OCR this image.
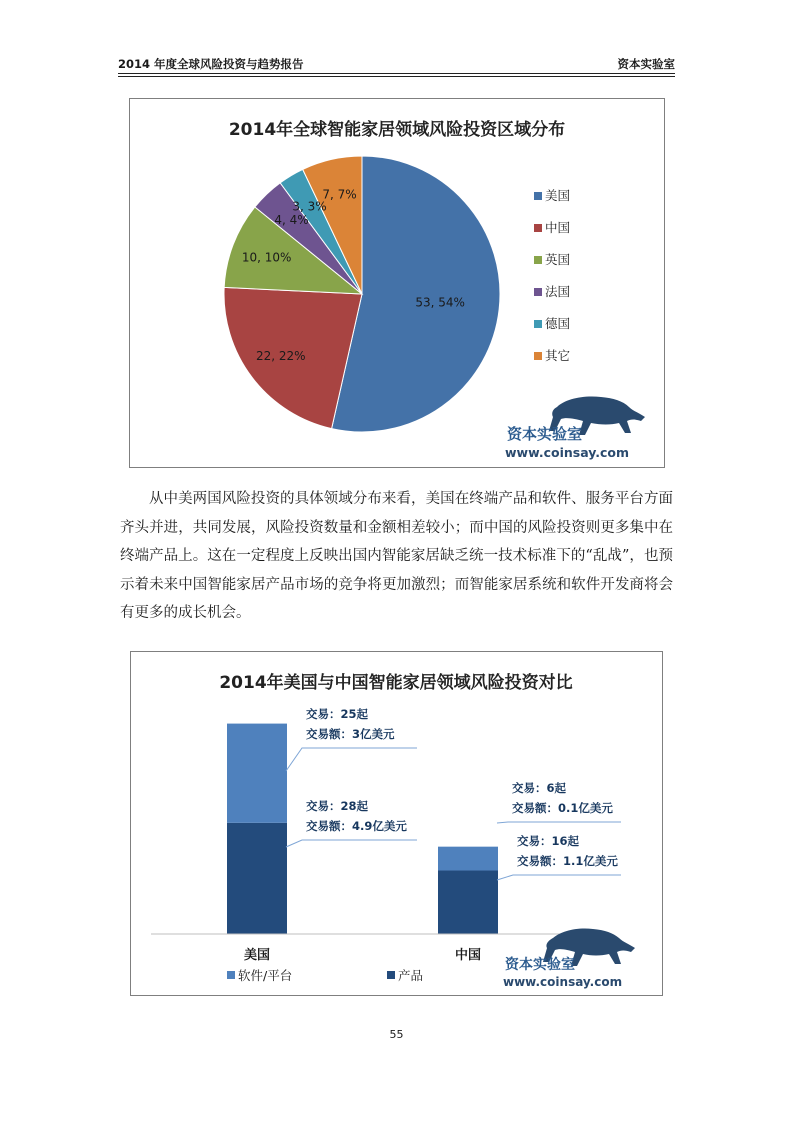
2014 年度全球风险投资与趋势报告	资本实验室
2014年全球智能家居领域风险投资区域分布
53, 54%
22, 22%
10, 10%
4, 4%
3, 3%
7, 7%	美国
中国
英国
法国
德国
其它
资本实验室
www.coinsay.com

从中美两国风险投资的具体领域分布来看，美国在终端产品和软件、服务平台方面齐头并进，共同发展，风险投资数量和金额相差较小；而中国的风险投资则更多集中在终端产品上。这在一定程度上反映出国内智能家居缺乏统一技术标准下的“乱战”，也预示着未来中国智能家居产品市场的竞争将更加激烈；而智能家居系统和软件开发商将会有更多的成长机会。

2014年美国与中国智能家居领域风险投资对比
交易：28起
交易额：4.9亿美元
交易：25起
交易额：3亿美元
交易：16起
交易额：1.1亿美元
交易：6起
交易额：0.1亿美元
美国	中国
软件/平台	产品
资本实验室
www.coinsay.com
55
